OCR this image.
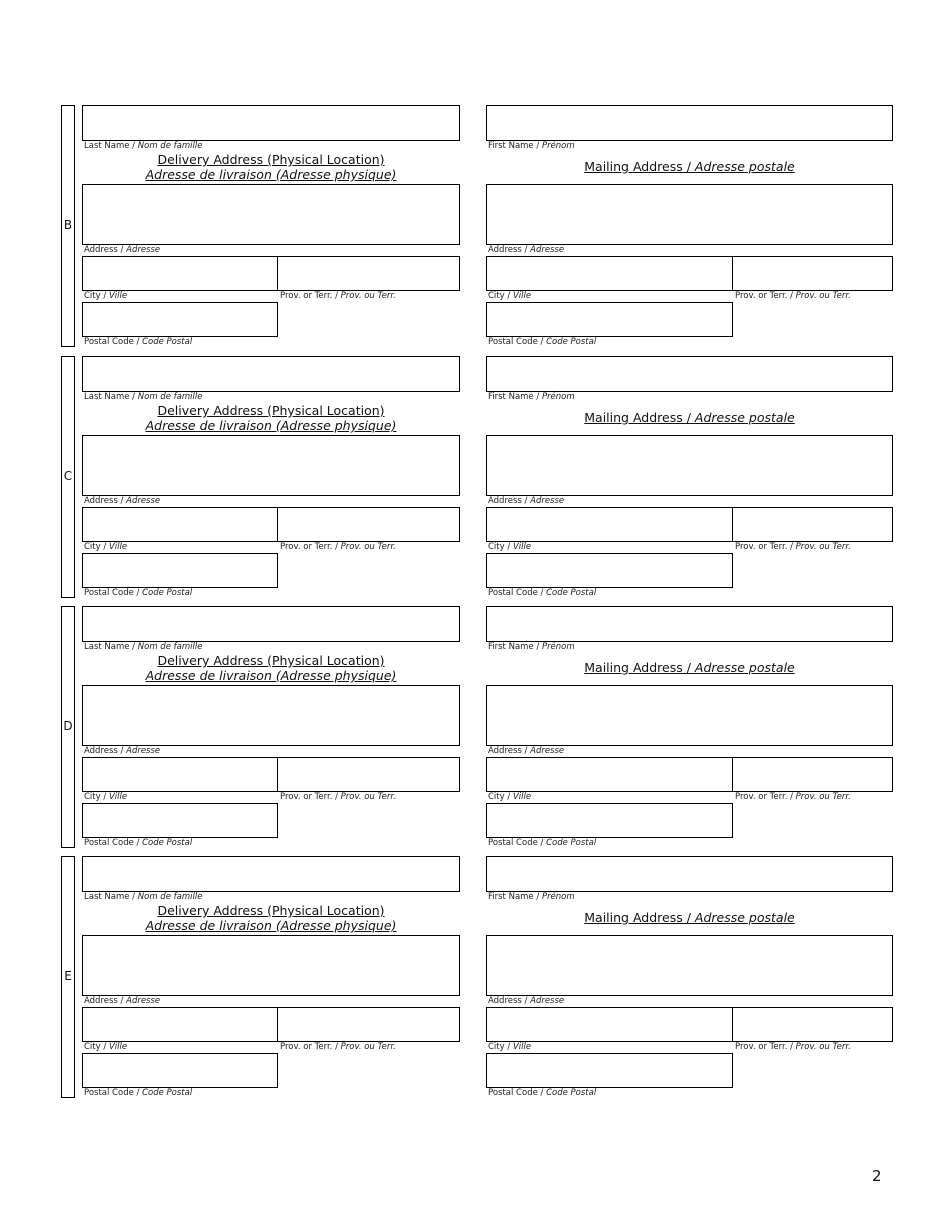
B
Last Name / Nom de famille	First Name / Prénom
Delivery Address (Physical Location)
Adresse de livraison (Adresse physique)
Mailing Address / Adresse postale
Address / Adresse	Address / Adresse
City / Ville	Prov. or Terr. / Prov. ou Terr.	City / Ville	Prov. or Terr. / Prov. ou Terr.
Postal Code / Code Postal	Postal Code / Code Postal
C
Last Name / Nom de famille	First Name / Prénom
Delivery Address (Physical Location)
Adresse de livraison (Adresse physique)
Mailing Address / Adresse postale
Address / Adresse	Address / Adresse
City / Ville	Prov. or Terr. / Prov. ou Terr.	City / Ville	Prov. or Terr. / Prov. ou Terr.
Postal Code / Code Postal	Postal Code / Code Postal
D
Last Name / Nom de famille	First Name / Prénom
Delivery Address (Physical Location)
Adresse de livraison (Adresse physique)
Mailing Address / Adresse postale
Address / Adresse	Address / Adresse
City / Ville	Prov. or Terr. / Prov. ou Terr.	City / Ville	Prov. or Terr. / Prov. ou Terr.
Postal Code / Code Postal	Postal Code / Code Postal
E
Last Name / Nom de famille	First Name / Prénom
Delivery Address (Physical Location)
Adresse de livraison (Adresse physique)
Mailing Address / Adresse postale
Address / Adresse	Address / Adresse
City / Ville	Prov. or Terr. / Prov. ou Terr.	City / Ville	Prov. or Terr. / Prov. ou Terr.
Postal Code / Code Postal	Postal Code / Code Postal
2
